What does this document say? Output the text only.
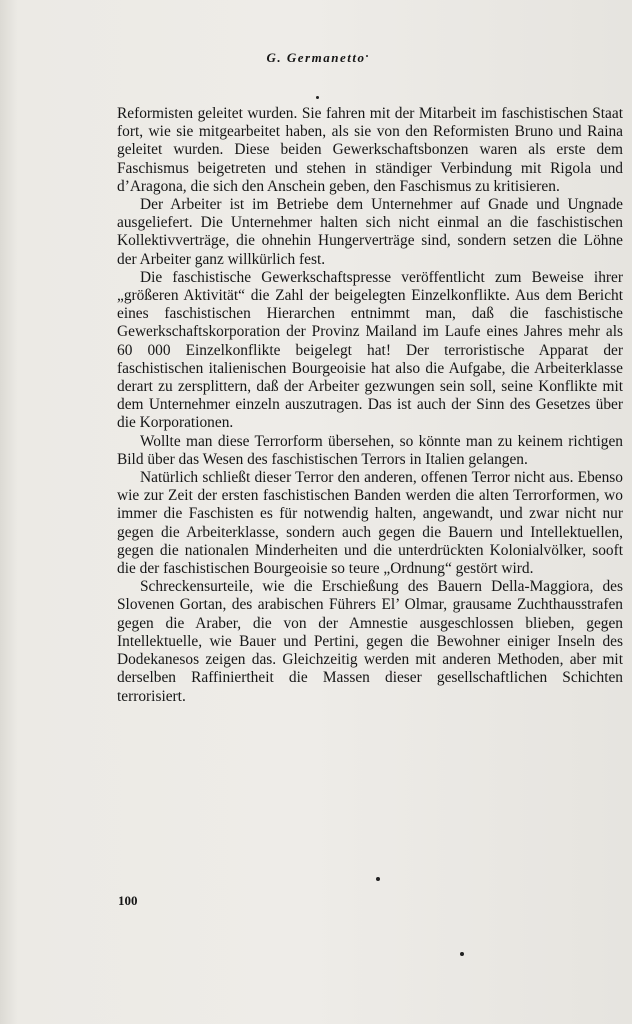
G. Germanetto

Reformisten geleitet wurden. Sie fahren mit der Mitarbeit im faschistischen Staat fort, wie sie mitgearbeitet haben, als sie von den Reformisten Bruno und Raina geleitet wurden. Diese beiden Gewerkschaftsbonzen waren als erste dem Faschismus beigetreten und stehen in ständiger Verbindung mit Rigola und d’Aragona, die sich den Anschein geben, den Faschismus zu kritisieren.

Der Arbeiter ist im Betriebe dem Unternehmer auf Gnade und Ungnade ausgeliefert. Die Unternehmer halten sich nicht einmal an die faschistischen Kollektivverträge, die ohnehin Hungerverträge sind, sondern setzen die Löhne der Arbeiter ganz willkürlich fest.

Die faschistische Gewerkschaftspresse veröffentlicht zum Beweise ihrer „größeren Aktivität“ die Zahl der beigelegten Einzelkonflikte. Aus dem Bericht eines faschistischen Hierarchen entnimmt man, daß die faschistische Gewerkschaftskorporation der Provinz Mailand im Laufe eines Jahres mehr als 60 000 Einzelkonflikte beigelegt hat! Der terroristische Apparat der faschistischen italienischen Bourgeoisie hat also die Aufgabe, die Arbeiterklasse derart zu zersplittern, daß der Arbeiter gezwungen sein soll, seine Konflikte mit dem Unternehmer einzeln auszutragen. Das ist auch der Sinn des Gesetzes über die Korporationen.

Wollte man diese Terrorform übersehen, so könnte man zu keinem richtigen Bild über das Wesen des faschistischen Terrors in Italien gelangen.

Natürlich schließt dieser Terror den anderen, offenen Terror nicht aus. Ebenso wie zur Zeit der ersten faschistischen Banden werden die alten Terrorformen, wo immer die Faschisten es für notwendig halten, angewandt, und zwar nicht nur gegen die Arbeiterklasse, sondern auch gegen die Bauern und Intellektuellen, gegen die nationalen Minderheiten und die unterdrückten Kolonialvölker, sooft die der faschistischen Bourgeoisie so teure „Ordnung“ gestört wird.

Schreckensurteile, wie die Erschießung des Bauern Della-Maggiora, des Slovenen Gortan, des arabischen Führers El’ Olmar, grausame Zuchthausstrafen gegen die Araber, die von der Amnestie ausgeschlossen blieben, gegen Intellektuelle, wie Bauer und Pertini, gegen die Bewohner einiger Inseln des Dodekanesos zeigen das. Gleichzeitig werden mit anderen Methoden, aber mit derselben Raffiniertheit die Massen dieser gesellschaftlichen Schichten terrorisiert.

100
